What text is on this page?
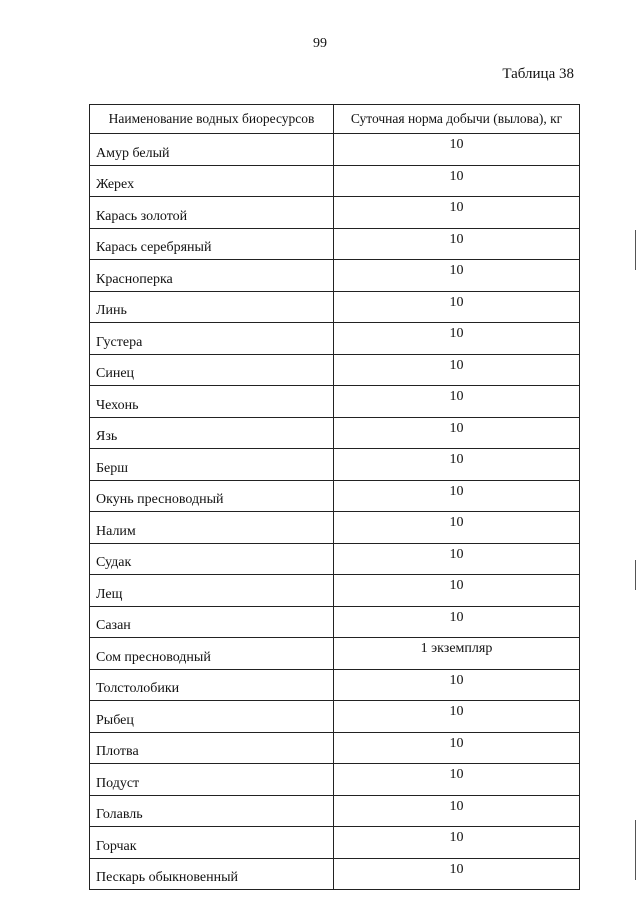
99
Таблица 38
Наименование водных биоресурсов	Суточная норма добычи (вылова), кг
Амур белый	10
Жерех	10
Карась золотой	10
Карась серебряный	10
Красноперка	10
Линь	10
Густера	10
Синец	10
Чехонь	10
Язь	10
Берш	10
Окунь пресноводный	10
Налим	10
Судак	10
Лещ	10
Сазан	10
Сом пресноводный	1 экземпляр
Толстолобики	10
Рыбец	10
Плотва	10
Подуст	10
Голавль	10
Горчак	10
Пескарь обыкновенный	10
